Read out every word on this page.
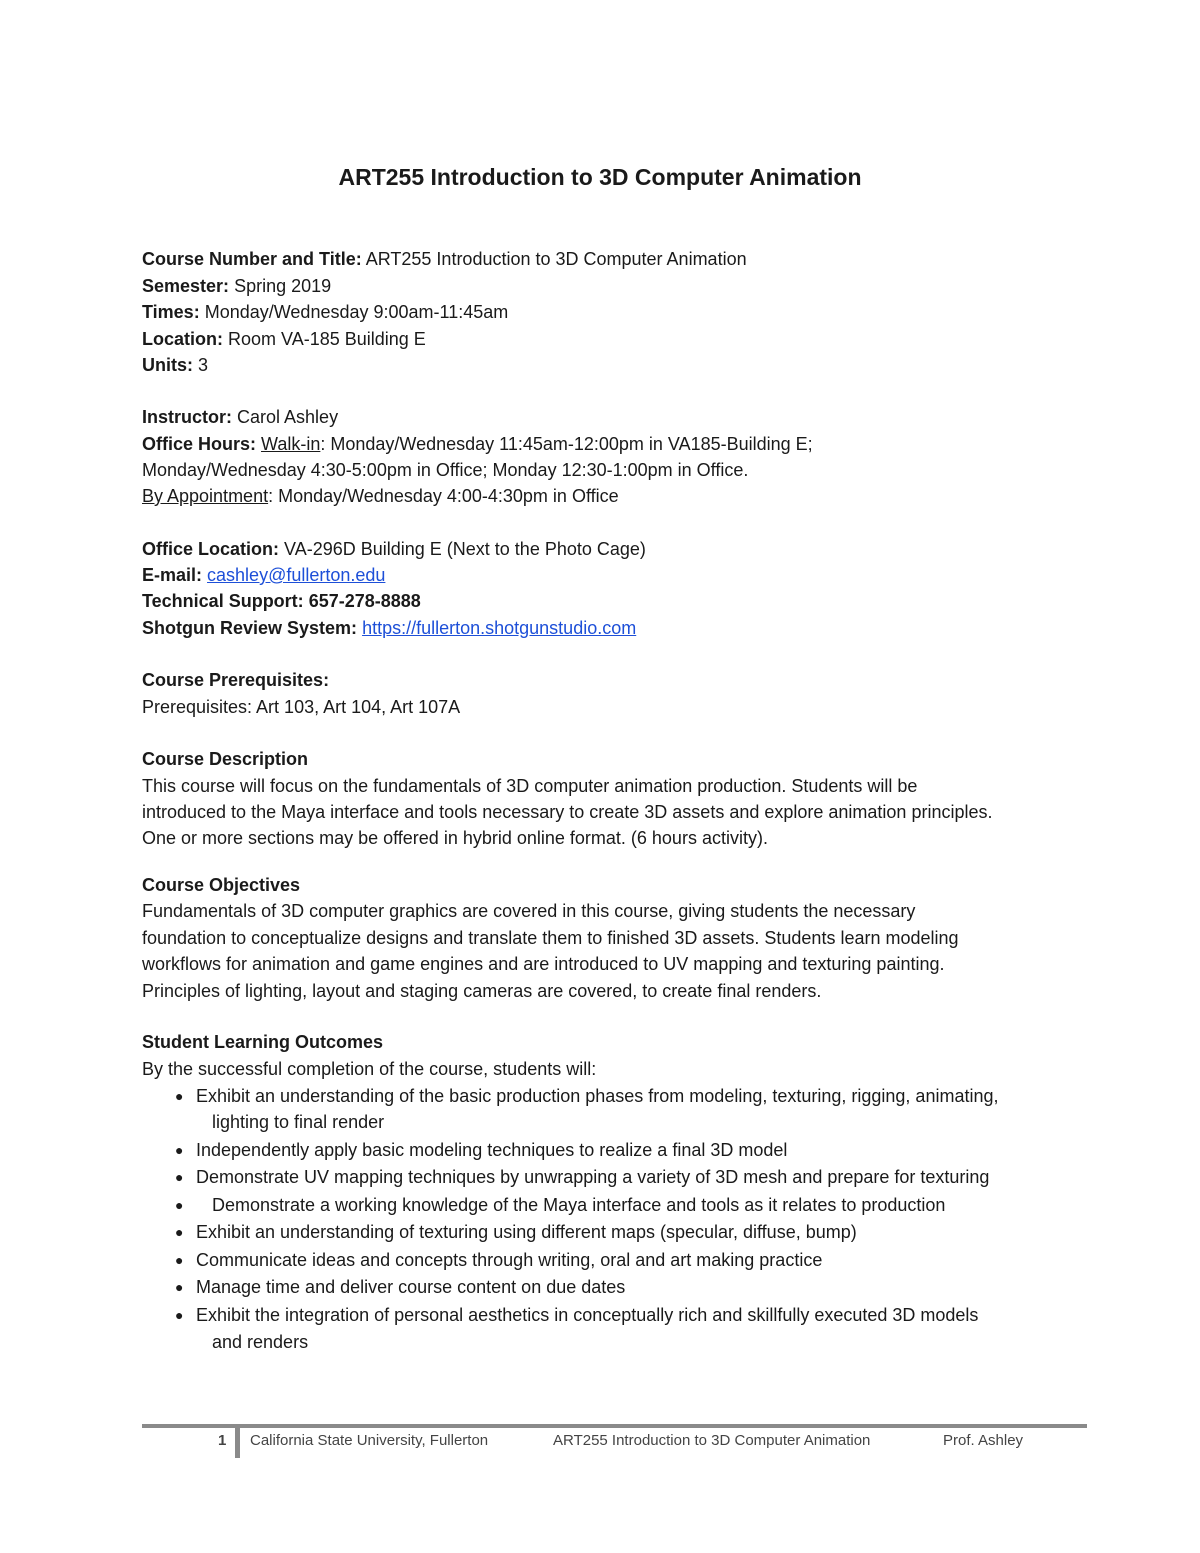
ART255 Introduction to 3D Computer Animation
Course Number and Title: ART255 Introduction to 3D Computer Animation
Semester: Spring 2019
Times: Monday/Wednesday 9:00am-11:45am
Location: Room VA-185 Building E
Units: 3
Instructor: Carol Ashley
Office Hours: Walk-in: Monday/Wednesday 11:45am-12:00pm in VA185-Building E;
Monday/Wednesday 4:30-5:00pm in Office; Monday 12:30-1:00pm in Office.
By Appointment: Monday/Wednesday 4:00-4:30pm in Office
Office Location: VA-296D Building E (Next to the Photo Cage)
E-mail: cashley@fullerton.edu
Technical Support: 657-278-8888
Shotgun Review System: https://fullerton.shotgunstudio.com
Course Prerequisites:
Prerequisites: Art 103, Art 104, Art 107A
Course Description
This course will focus on the fundamentals of 3D computer animation production. Students will be
introduced to the Maya interface and tools necessary to create 3D assets and explore animation principles.
One or more sections may be offered in hybrid online format. (6 hours activity).
Course Objectives
Fundamentals of 3D computer graphics are covered in this course, giving students the necessary
foundation to conceptualize designs and translate them to finished 3D assets. Students learn modeling
workflows for animation and game engines and are introduced to UV mapping and texturing painting.
Principles of lighting, layout and staging cameras are covered, to create final renders.
Student Learning Outcomes
By the successful completion of the course, students will:
● Exhibit an understanding of the basic production phases from modeling, texturing, rigging, animating,
lighting to final render
● Independently apply basic modeling techniques to realize a final 3D model
● Demonstrate UV mapping techniques by unwrapping a variety of 3D mesh and prepare for texturing
● Demonstrate a working knowledge of the Maya interface and tools as it relates to production
● Exhibit an understanding of texturing using different maps (specular, diffuse, bump)
● Communicate ideas and concepts through writing, oral and art making practice
● Manage time and deliver course content on due dates
● Exhibit the integration of personal aesthetics in conceptually rich and skillfully executed 3D models
and renders
1 California State University, Fullerton	ART255 Introduction to 3D Computer Animation	Prof. Ashley
